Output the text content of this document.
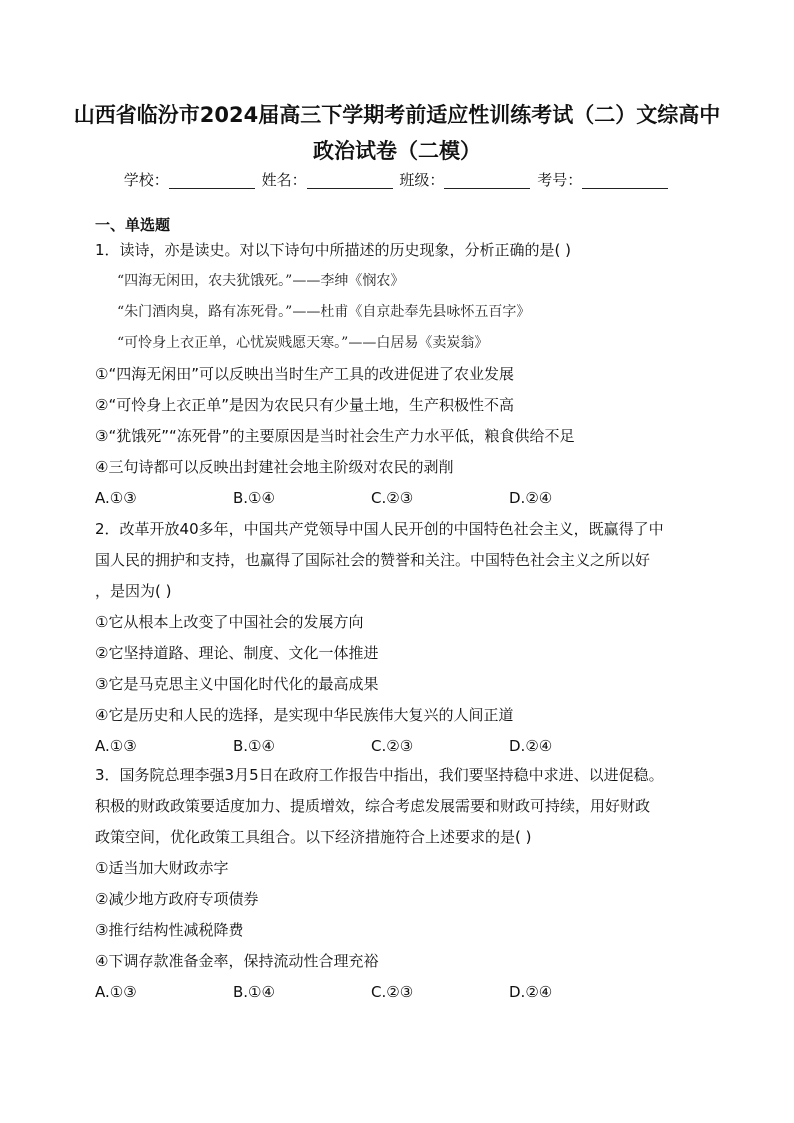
山西省临汾市2024届高三下学期考前适应性训练考试（二）文综高中
政治试卷（二模）
学校：	姓名：	班级：	考号：
一、单选题
1．读诗，亦是读史。对以下诗句中所描述的历史现象，分析正确的是( )
“四海无闲田，农夫犹饿死。”——李绅《悯农》
“朱门酒肉臭，路有冻死骨。”——杜甫《自京赴奉先县咏怀五百字》
“可怜身上衣正单，心忧炭贱愿天寒。”——白居易《卖炭翁》
①“四海无闲田”可以反映出当时生产工具的改进促进了农业发展
②“可怜身上衣正单”是因为农民只有少量土地，生产积极性不高
③“犹饿死”“冻死骨”的主要原因是当时社会生产力水平低，粮食供给不足
④三句诗都可以反映出封建社会地主阶级对农民的剥削
A.①③	B.①④	C.②③	D.②④
2．改革开放40多年，中国共产党领导中国人民开创的中国特色社会主义，既赢得了中
国人民的拥护和支持，也赢得了国际社会的赞誉和关注。中国特色社会主义之所以好
，是因为( )
①它从根本上改变了中国社会的发展方向
②它坚持道路、理论、制度、文化一体推进
③它是马克思主义中国化时代化的最高成果
④它是历史和人民的选择，是实现中华民族伟大复兴的人间正道
A.①③	B.①④	C.②③	D.②④
3．国务院总理李强3月5日在政府工作报告中指出，我们要坚持稳中求进、以进促稳。
积极的财政政策要适度加力、提质增效，综合考虑发展需要和财政可持续，用好财政
政策空间，优化政策工具组合。以下经济措施符合上述要求的是( )
①适当加大财政赤字
②减少地方政府专项债券
③推行结构性减税降费
④下调存款准备金率，保持流动性合理充裕
A.①③	B.①④	C.②③	D.②④
